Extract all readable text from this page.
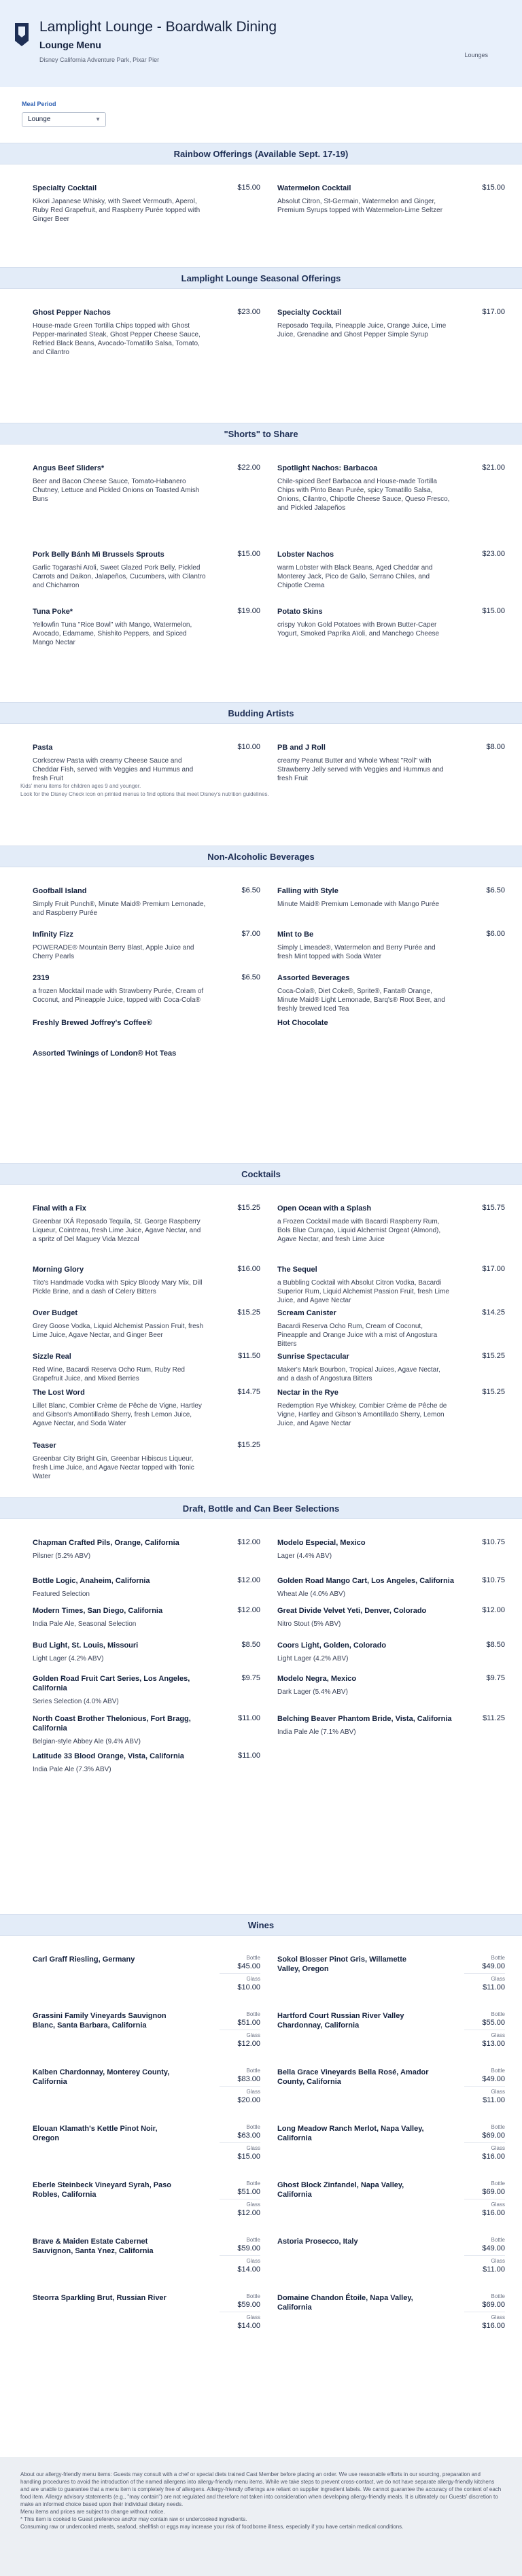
Lamplight Lounge - Boardwalk Dining
Lounge Menu
Disney California Adventure Park, Pixar Pier
Lounges
Meal Period
Lounge	▼
Rainbow Offerings (Available Sept. 17-19)
Specialty Cocktail	$15.00
Kikori Japanese Whisky, with Sweet Vermouth, Aperol, Ruby Red Grapefruit, and Raspberry Purée topped with Ginger Beer
Watermelon Cocktail	$15.00
Absolut Citron, St-Germain, Watermelon and Ginger, Premium Syrups topped with Watermelon-Lime Seltzer
Lamplight Lounge Seasonal Offerings
Ghost Pepper Nachos	$23.00
House-made Green Tortilla Chips topped with Ghost Pepper-marinated Steak, Ghost Pepper Cheese Sauce, Refried Black Beans, Avocado-Tomatillo Salsa, Tomato, and Cilantro
Specialty Cocktail	$17.00
Reposado Tequila, Pineapple Juice, Orange Juice, Lime Juice, Grenadine and Ghost Pepper Simple Syrup
"Shorts" to Share
Angus Beef Sliders*	$22.00
Beer and Bacon Cheese Sauce, Tomato-Habanero Chutney, Lettuce and Pickled Onions on Toasted Amish Buns
Spotlight Nachos: Barbacoa	$21.00
Chile-spiced Beef Barbacoa and House-made Tortilla Chips with Pinto Bean Purée, spicy Tomatillo Salsa, Onions, Cilantro, Chipotle Cheese Sauce, Queso Fresco, and Pickled Jalapeños
Pork Belly Bánh Mì Brussels Sprouts	$15.00
Garlic Togarashi Aïoli, Sweet Glazed Pork Belly, Pickled Carrots and Daikon, Jalapeños, Cucumbers, with Cilantro and Chicharron
Lobster Nachos	$23.00
warm Lobster with Black Beans, Aged Cheddar and Monterey Jack, Pico de Gallo, Serrano Chiles, and Chipotle Crema
Tuna Poke*	$19.00
Yellowfin Tuna "Rice Bowl" with Mango, Watermelon, Avocado, Edamame, Shishito Peppers, and Spiced Mango Nectar
Potato Skins	$15.00
crispy Yukon Gold Potatoes with Brown Butter-Caper Yogurt, Smoked Paprika Aïoli, and Manchego Cheese
Budding Artists
Pasta	$10.00
Corkscrew Pasta with creamy Cheese Sauce and Cheddar Fish, served with Veggies and Hummus and fresh Fruit
PB and J Roll	$8.00
creamy Peanut Butter and Whole Wheat "Roll" with Strawberry Jelly served with Veggies and Hummus and fresh Fruit
Kids' menu items for children ages 9 and younger.
Look for the Disney Check icon on printed menus to find options that meet Disney's nutrition guidelines.
Non-Alcoholic Beverages
Goofball Island	$6.50
Simply Fruit Punch®, Minute Maid® Premium Lemonade, and Raspberry Purée
Falling with Style	$6.50
Minute Maid® Premium Lemonade with Mango Purée
Infinity Fizz	$7.00
POWERADE® Mountain Berry Blast, Apple Juice and Cherry Pearls
Mint to Be	$6.00
Simply Limeade®, Watermelon and Berry Purée and fresh Mint topped with Soda Water
2319	$6.50
a frozen Mocktail made with Strawberry Purée, Cream of Coconut, and Pineapple Juice, topped with Coca-Cola®
Assorted Beverages
Coca-Cola®, Diet Coke®, Sprite®, Fanta® Orange, Minute Maid® Light Lemonade, Barq's® Root Beer, and freshly brewed Iced Tea
Freshly Brewed Joffrey's Coffee®	Hot Chocolate
Assorted Twinings of London® Hot Teas
Cocktails
Final with a Fix	$15.25
Greenbar IXÁ Reposado Tequila, St. George Raspberry Liqueur, Cointreau, fresh Lime Juice, Agave Nectar, and a spritz of Del Maguey Vida Mezcal
Open Ocean with a Splash	$15.75
a Frozen Cocktail made with Bacardi Raspberry Rum, Bols Blue Curaçao, Liquid Alchemist Orgeat (Almond), Agave Nectar, and fresh Lime Juice
Morning Glory	$16.00
Tito's Handmade Vodka with Spicy Bloody Mary Mix, Dill Pickle Brine, and a dash of Celery Bitters
The Sequel	$17.00
a Bubbling Cocktail with Absolut Citron Vodka, Bacardi Superior Rum, Liquid Alchemist Passion Fruit, fresh Lime Juice, and Agave Nectar
Over Budget	$15.25
Grey Goose Vodka, Liquid Alchemist Passion Fruit, fresh Lime Juice, Agave Nectar, and Ginger Beer
Scream Canister	$14.25
Bacardi Reserva Ocho Rum, Cream of Coconut, Pineapple and Orange Juice with a mist of Angostura Bitters
Sizzle Real	$11.50
Red Wine, Bacardi Reserva Ocho Rum, Ruby Red Grapefruit Juice, and Mixed Berries
Sunrise Spectacular	$15.25
Maker's Mark Bourbon, Tropical Juices, Agave Nectar, and a dash of Angostura Bitters
The Lost Word	$14.75
Lillet Blanc, Combier Crème de Pêche de Vigne, Hartley and Gibson's Amontillado Sherry, fresh Lemon Juice, Agave Nectar, and Soda Water
Nectar in the Rye	$15.25
Redemption Rye Whiskey, Combier Crème de Pêche de Vigne, Hartley and Gibson's Amontillado Sherry, Lemon Juice, and Agave Nectar
Teaser	$15.25
Greenbar City Bright Gin, Greenbar Hibiscus Liqueur, fresh Lime Juice, and Agave Nectar topped with Tonic Water
Draft, Bottle and Can Beer Selections
Chapman Crafted Pils, Orange, California	$12.00
Pilsner (5.2% ABV)
Modelo Especial, Mexico	$10.75
Lager (4.4% ABV)
Bottle Logic, Anaheim, California	$12.00
Featured Selection
Golden Road Mango Cart, Los Angeles, California	$10.75
Wheat Ale (4.0% ABV)
Modern Times, San Diego, California	$12.00
India Pale Ale, Seasonal Selection
Great Divide Velvet Yeti, Denver, Colorado	$12.00
Nitro Stout (5% ABV)
Bud Light, St. Louis, Missouri	$8.50
Light Lager (4.2% ABV)
Coors Light, Golden, Colorado	$8.50
Light Lager (4.2% ABV)
Golden Road Fruit Cart Series, Los Angeles, California
$9.75
Series Selection (4.0% ABV)
Modelo Negra, Mexico	$9.75
Dark Lager (5.4% ABV)
North Coast Brother Thelonious, Fort Bragg, California
$11.00
Belgian-style Abbey Ale (9.4% ABV)
Belching Beaver Phantom Bride, Vista, California	$11.25
India Pale Ale (7.1% ABV)
Latitude 33 Blood Orange, Vista, California	$11.00
India Pale Ale (7.3% ABV)
Wines
Carl Graff Riesling, Germany	Bottle
$45.00
Glass
$10.00
Sokol Blosser Pinot Gris, Willamette Valley, Oregon
Bottle
$49.00
Glass
$11.00
Grassini Family Vineyards Sauvignon Blanc, Santa Barbara, California
Bottle
$51.00
Glass
$12.00
Hartford Court Russian River Valley Chardonnay, California
Bottle
$55.00
Glass
$13.00
Kalben Chardonnay, Monterey County, California
Bottle
$83.00
Glass
$20.00
Bella Grace Vineyards Bella Rosé, Amador County, California
Bottle
$49.00
Glass
$11.00
Elouan Klamath's Kettle Pinot Noir, Oregon
Bottle
$63.00
Glass
$15.00
Long Meadow Ranch Merlot, Napa Valley, California
Bottle
$69.00
Glass
$16.00
Eberle Steinbeck Vineyard Syrah, Paso Robles, California
Bottle
$51.00
Glass
$12.00
Ghost Block Zinfandel, Napa Valley, California
Bottle
$69.00
Glass
$16.00
Brave & Maiden Estate Cabernet Sauvignon, Santa Ynez, California
Bottle
$59.00
Glass
$14.00
Astoria Prosecco, Italy	Bottle
$49.00
Glass
$11.00
Steorra Sparkling Brut, Russian River	Bottle
$59.00
Glass
$14.00
Domaine Chandon Étoile, Napa Valley, California
Bottle
$69.00
Glass
$16.00

About our allergy-friendly menu items: Guests may consult with a chef or special diets trained Cast Member before placing an order. We use reasonable efforts in our sourcing, preparation and handling procedures to avoid the introduction of the named allergens into allergy-friendly menu items. While we take steps to prevent cross-contact, we do not have separate allergy-friendly kitchens and are unable to guarantee that a menu item is completely free of allergens. Allergy-friendly offerings are reliant on supplier ingredient labels. We cannot guarantee the accuracy of the content of each food item. Allergy advisory statements (e.g., "may contain") are not regulated and therefore not taken into consideration when developing allergy-friendly meals. It is ultimately our Guests' discretion to make an informed choice based upon their individual dietary needs.

Menu items and prices are subject to change without notice.

* This item is cooked to Guest preference and/or may contain raw or undercooked ingredients.

Consuming raw or undercooked meats, seafood, shellfish or eggs may increase your risk of foodborne illness, especially if you have certain medical conditions.
